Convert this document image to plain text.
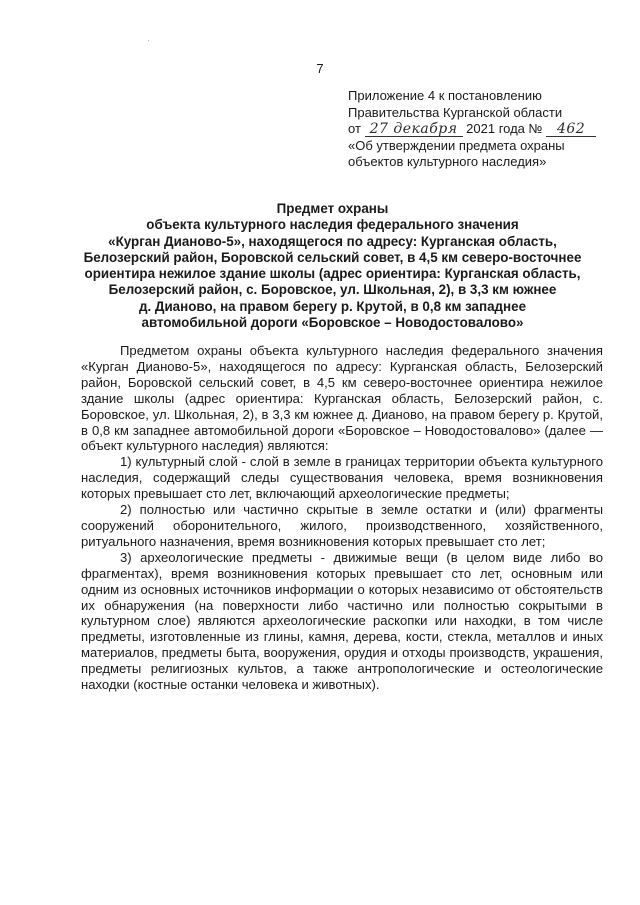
7
Приложение 4 к постановлению
Правительства Курганской области
от 27 декабря 2021 года № 462
«Об утверждении предмета охраны
объектов культурного наследия»
Предмет охраны
объекта культурного наследия федерального значения
«Курган Дианово-5», находящегося по адресу: Курганская область,
Белозерский район, Боровской сельский совет, в 4,5 км северо-восточнее
ориентира нежилое здание школы (адрес ориентира: Курганская область,
Белозерский район, с. Боровское, ул. Школьная, 2), в 3,3 км южнее
д. Дианово, на правом берегу р. Крутой, в 0,8 км западнее
автомобильной дороги «Боровское – Новодостовалово»

Предметом охраны объекта культурного наследия федерального значения «Курган Дианово-5», находящегося по адресу: Курганская область, Белозерский район, Боровской сельский совет, в 4,5 км северо-восточнее ориентира нежилое здание школы (адрес ориентира: Курганская область, Белозерский район, с. Боровское, ул. Школьная, 2), в 3,3 км южнее д. Дианово, на правом берегу р. Крутой, в 0,8 км западнее автомобильной дороги «Боровское – Новодостовалово» (далее — объект культурного наследия) являются:

1) культурный слой - слой в земле в границах территории объекта культурного наследия, содержащий следы существования человека, время возникновения которых превышает сто лет, включающий археологические предметы;

2) полностью или частично скрытые в земле остатки и (или) фрагменты сооружений оборонительного, жилого, производственного, хозяйственного, ритуального назначения, время возникновения которых превышает сто лет;

3) археологические предметы - движимые вещи (в целом виде либо во фрагментах), время возникновения которых превышает сто лет, основным или одним из основных источников информации о которых независимо от обстоятельств их обнаружения (на поверхности либо частично или полностью сокрытыми в культурном слое) являются археологические раскопки или находки, в том числе предметы, изготовленные из глины, камня, дерева, кости, стекла, металлов и иных материалов, предметы быта, вооружения, орудия и отходы производств, украшения, предметы религиозных культов, а также антропологические и остеологические находки (костные останки человека и животных).
